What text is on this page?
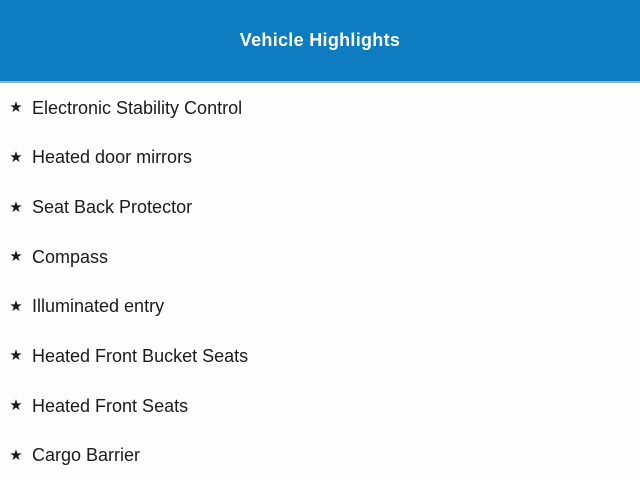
Vehicle Highlights
★ Electronic Stability Control
★ Heated door mirrors
★ Seat Back Protector
★ Compass
★ Illuminated entry
★ Heated Front Bucket Seats
★ Heated Front Seats
★ Cargo Barrier
